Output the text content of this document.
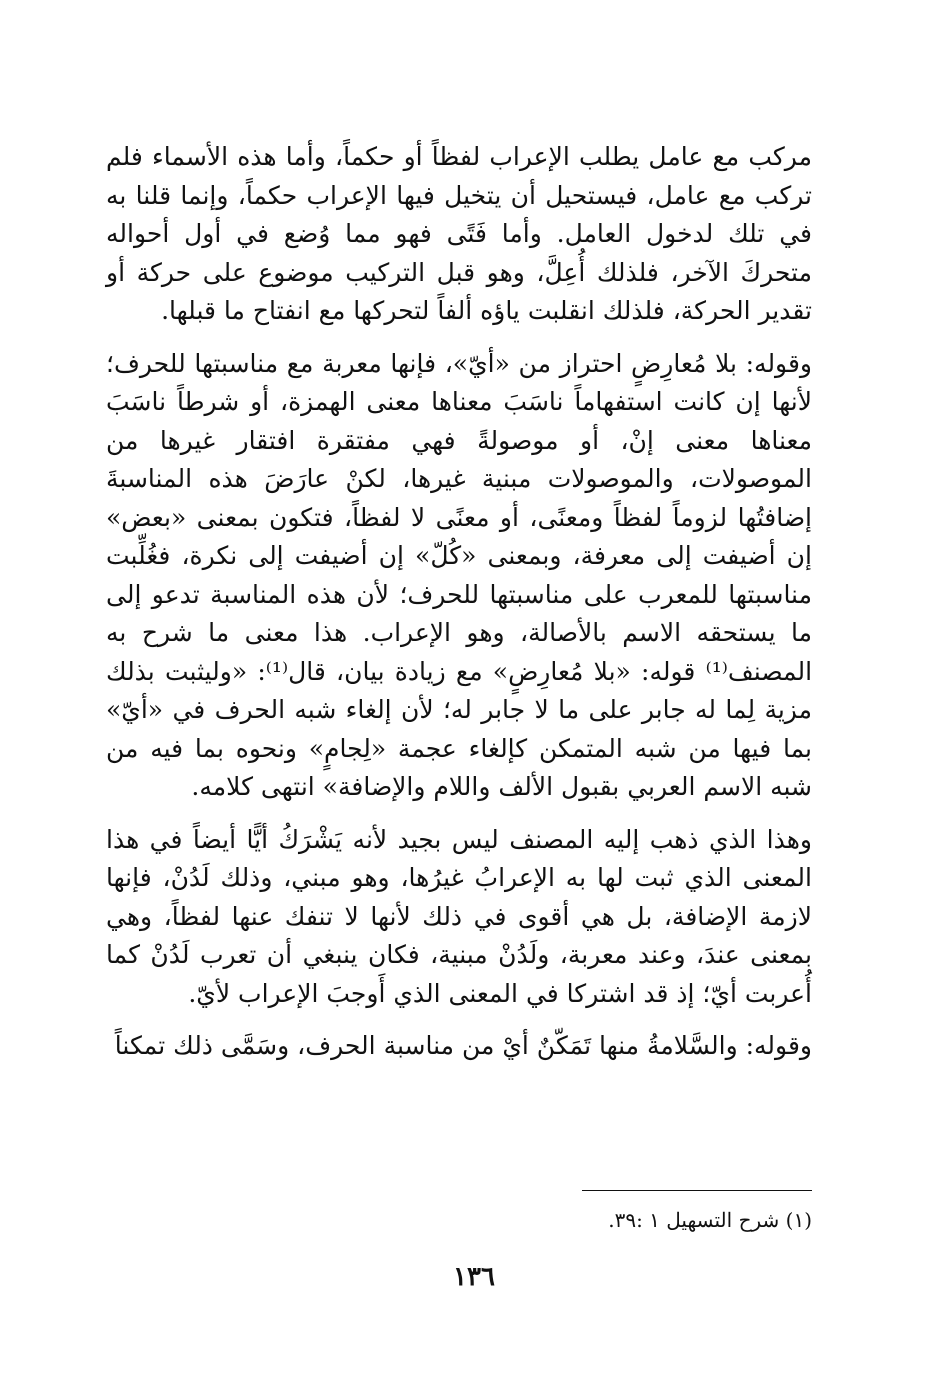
مركب مع عامل يطلب الإعراب لفظاً أو حكماً، وأما هذه الأسماء فلم تركب مع عامل، فيستحيل أن يتخيل فيها الإعراب حكماً، وإنما قلنا به في تلك لدخول العامل. وأما فَتًى فهو مما وُضع في أول أحواله متحركَ الآخر، فلذلك أُعِلَّ، وهو قبل التركيب موضوع على حركة أو تقدير الحركة، فلذلك انقلبت ياؤه ألفاً لتحركها مع انفتاح ما قبلها.

وقوله: بلا مُعارِضٍ احتراز من «أيّ»، فإنها معربة مع مناسبتها للحرف؛ لأنها إن كانت استفهاماً ناسَبَ معناها معنى الهمزة، أو شرطاً ناسَبَ معناها معنى إنْ، أو موصولةً فهي مفتقرة افتقار غيرها من الموصولات، والموصولات مبنية غيرها، لكنْ عارَضَ هذه المناسبةَ إضافتُها لزوماً لفظاً ومعنًى، أو معنًى لا لفظاً، فتكون بمعنى «بعض» إن أضيفت إلى معرفة، وبمعنى «كُلّ» إن أضيفت إلى نكرة، فغُلِّبت مناسبتها للمعرب على مناسبتها للحرف؛ لأن هذه المناسبة تدعو إلى ما يستحقه الاسم بالأصالة، وهو الإعراب. هذا معنى ما شرح به المصنف⁽¹⁾ قوله: «بلا مُعارِضٍ» مع زيادة بيان، قال⁽¹⁾: «وليثبت بذلك مزية لِما له جابر على ما لا جابر له؛ لأن إلغاء شبه الحرف في «أيّ» بما فيها من شبه المتمكن كإلغاء عجمة «لِجامٍ» ونحوه بما فيه من شبه الاسم العربي بقبول الألف واللام والإضافة» انتهى كلامه.

وهذا الذي ذهب إليه المصنف ليس بجيد لأنه يَشْرَكُ أيًّا أيضاً في هذا المعنى الذي ثبت لها به الإعرابُ غيرُها، وهو مبني، وذلك لَدُنْ، فإنها لازمة الإضافة، بل هي أقوى في ذلك لأنها لا تنفك عنها لفظاً، وهي بمعنى عندَ، وعند معربة، ولَدُنْ مبنية، فكان ينبغي أن تعرب لَدُنْ كما أُعربت أيّ؛ إذ قد اشتركا في المعنى الذي أَوجبَ الإعراب لأيّ.

وقوله: والسَّلامةُ منها تَمَكّنٌ أيْ من مناسبة الحرف، وسَمَّى ذلك تمكناً

(١) شرح التسهيل ١ :٣٩.
١٣٦
